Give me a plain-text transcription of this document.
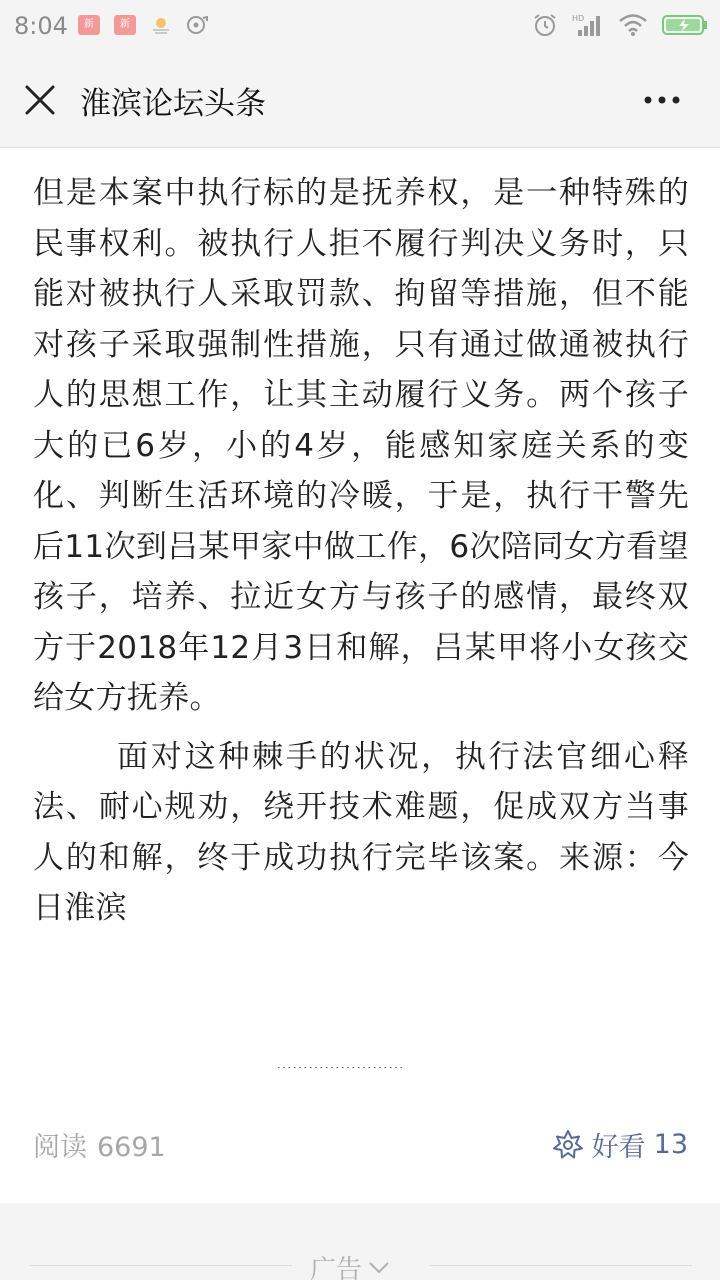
8:04	新	新
HD
淮滨论坛头条

但是本案中执行标的是抚养权，是一种特殊的民事权利。被执行人拒不履行判决义务时，只能对被执行人采取罚款、拘留等措施，但不能对孩子采取强制性措施，只有通过做通被执行人的思想工作，让其主动履行义务。两个孩子大的已6岁，小的4岁，能感知家庭关系的变化、判断生活环境的冷暖，于是，执行干警先后11次到吕某甲家中做工作，6次陪同女方看望孩子，培养、拉近女方与孩子的感情，最终双方于2018年12月3日和解，吕某甲将小女孩交给女方抚养。

面对这种棘手的状况，执行法官细心释法、耐心规劝，绕开技术难题，促成双方当事人的和解，终于成功执行完毕该案。来源：今日淮滨

……………………
阅读 6691	好看 13
广告
